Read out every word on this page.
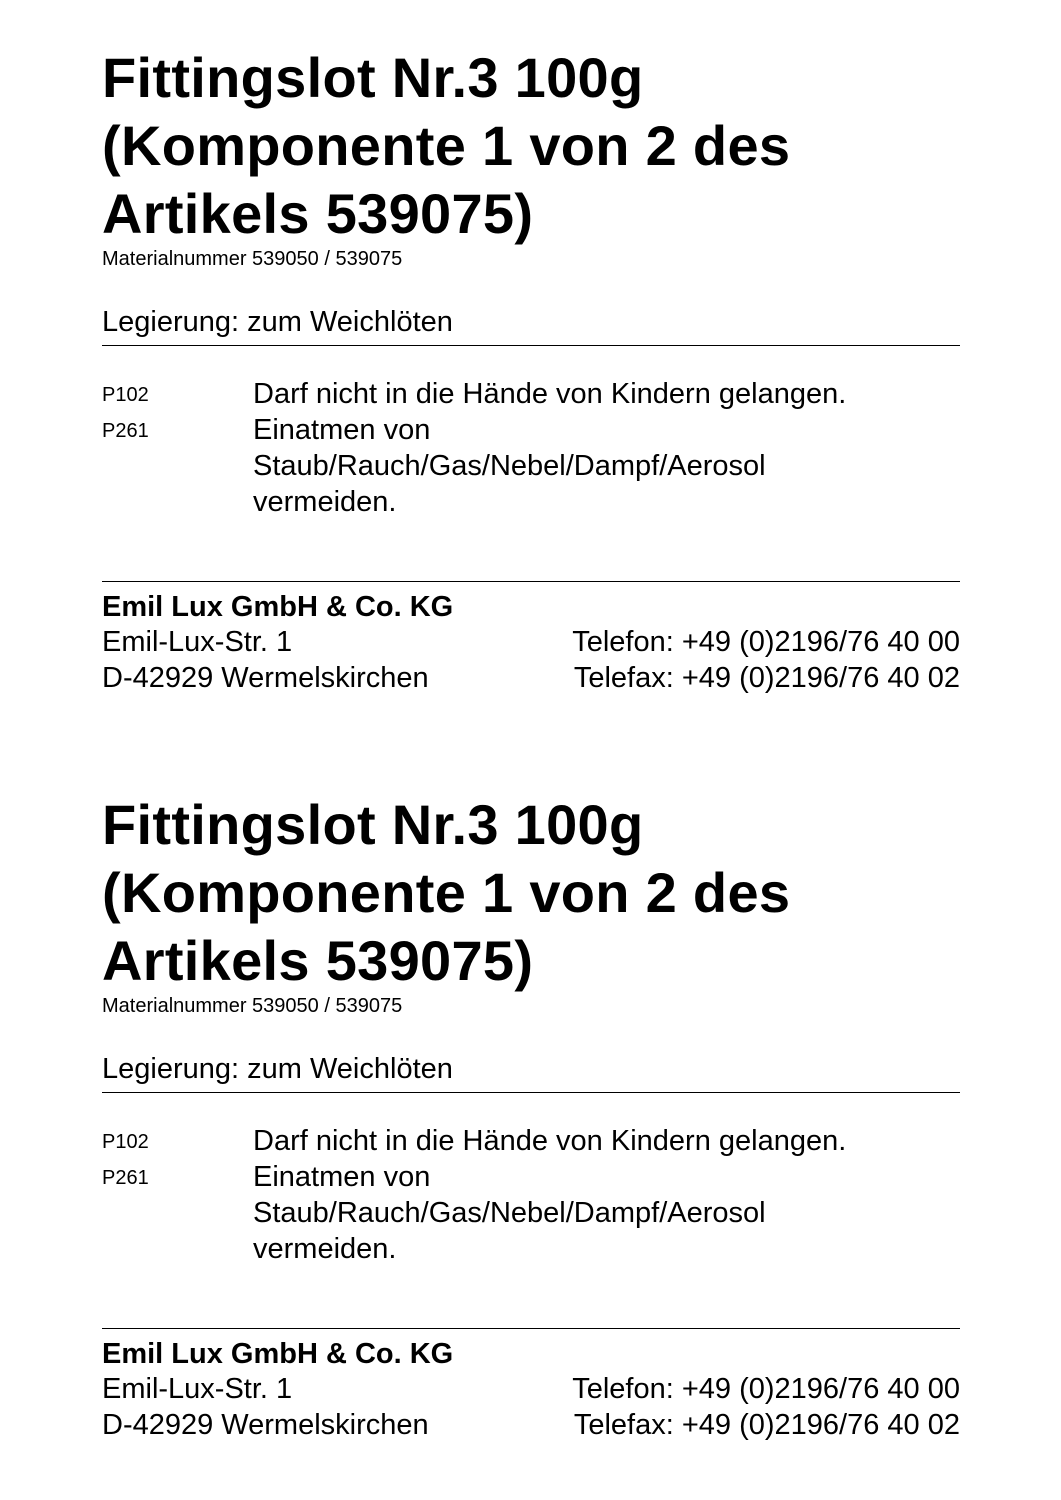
Fittingslot Nr.3 100g
(Komponente 1 von 2 des
Artikels 539075)
Materialnummer 539050 / 539075
Legierung: zum Weichlöten
P102	Darf nicht in die Hände von Kindern gelangen.
P261	Einatmen von Staub/Rauch/Gas/Nebel/Dampf/Aerosol vermeiden.
Emil Lux GmbH & Co. KG
Emil-Lux-Str. 1
D-42929 Wermelskirchen
Telefon: +49 (0)2196/76 40 00
Telefax: +49 (0)2196/76 40 02
Fittingslot Nr.3 100g
(Komponente 1 von 2 des
Artikels 539075)
Materialnummer 539050 / 539075
Legierung: zum Weichlöten
P102	Darf nicht in die Hände von Kindern gelangen.
P261	Einatmen von Staub/Rauch/Gas/Nebel/Dampf/Aerosol vermeiden.
Emil Lux GmbH & Co. KG
Emil-Lux-Str. 1
D-42929 Wermelskirchen
Telefon: +49 (0)2196/76 40 00
Telefax: +49 (0)2196/76 40 02
